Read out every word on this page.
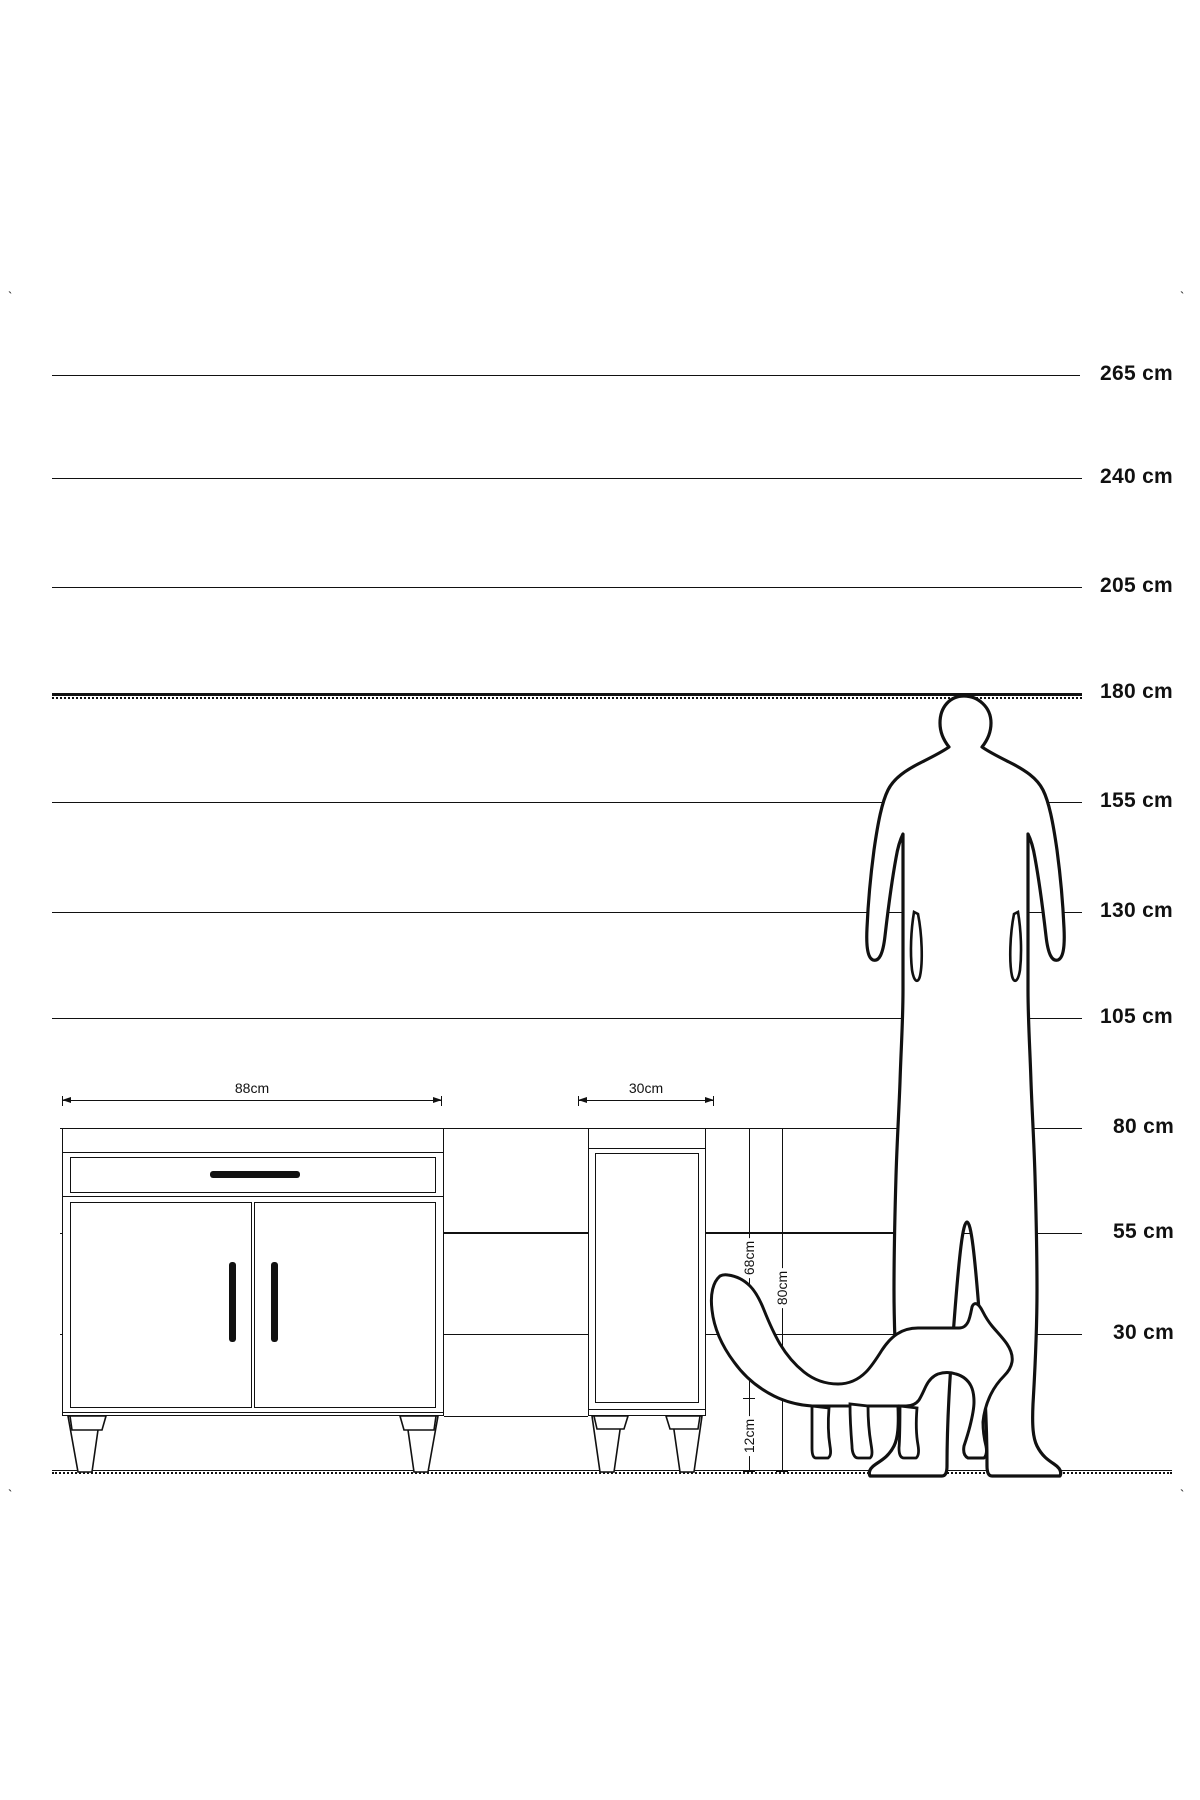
`	`
`	`
265 cm
240 cm
205 cm
180 cm
155 cm
130 cm
105 cm
80 cm
55 cm
30 cm
88cm	30cm
68cm
80cm
12cm
